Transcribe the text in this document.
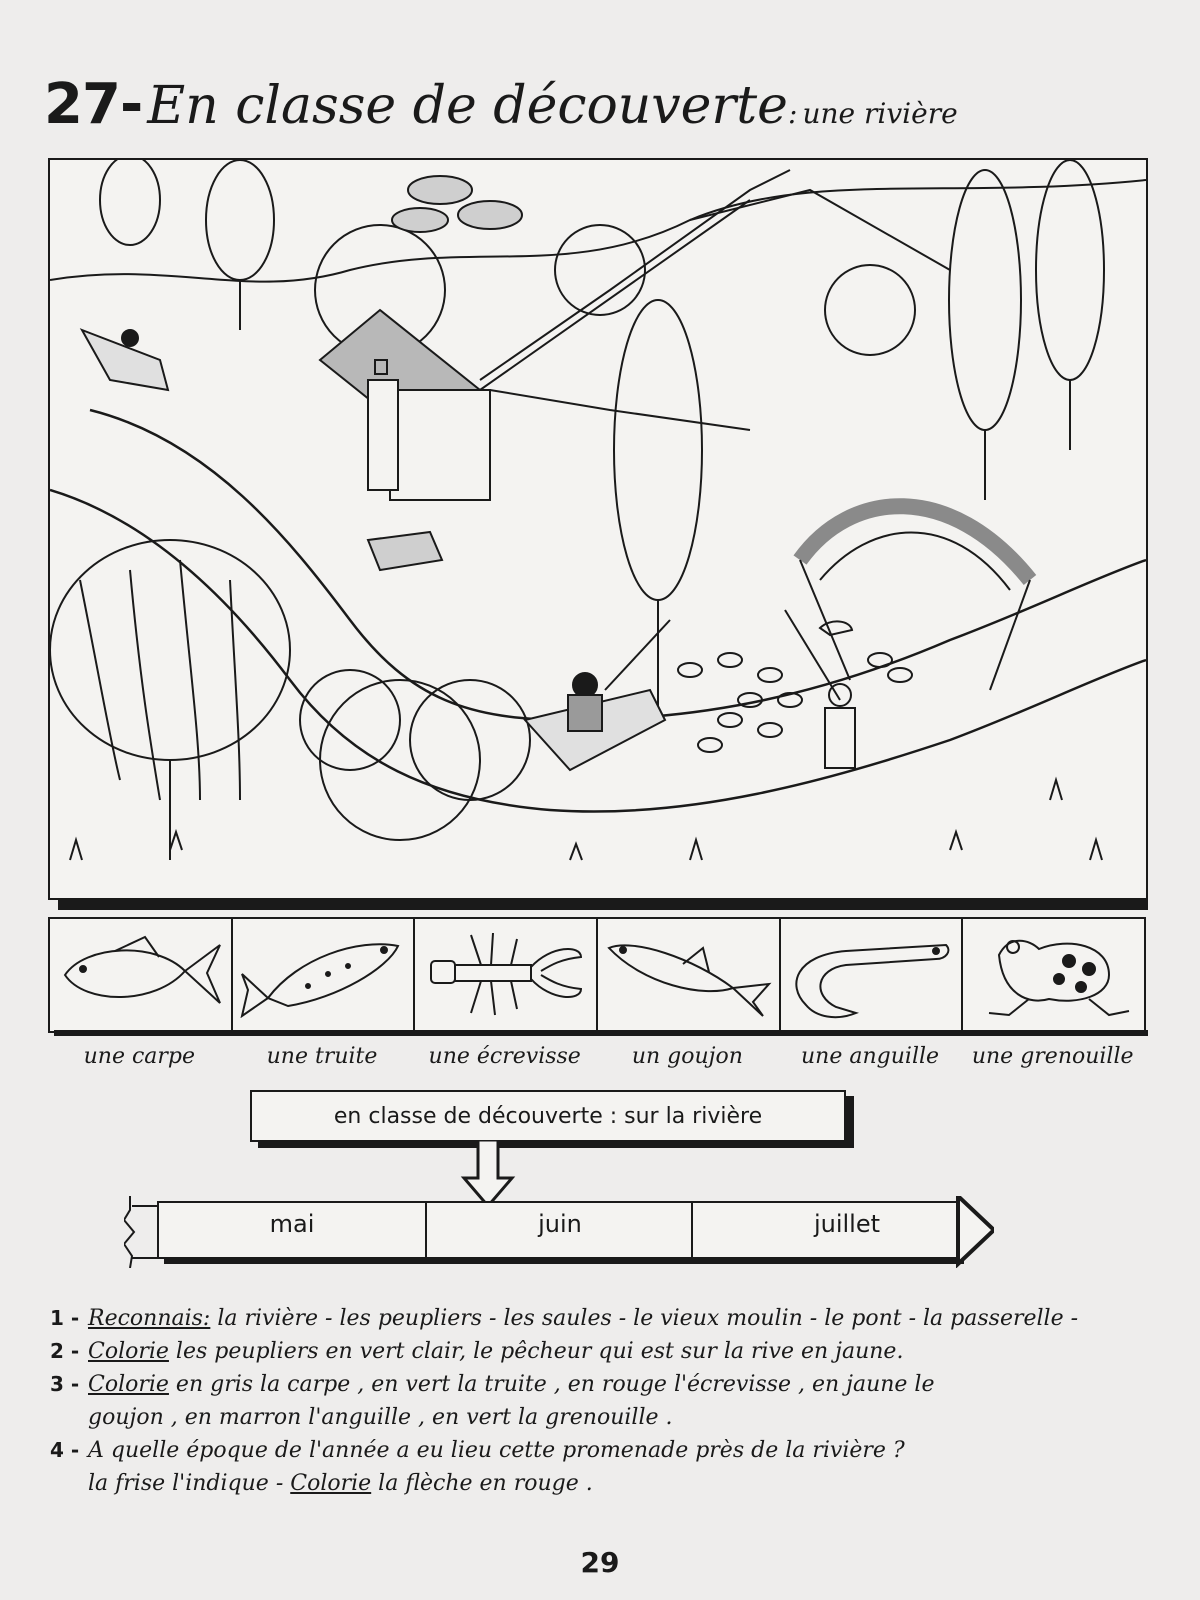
27- En classe de découverte: une rivière
une carpe	une truite	une écrevisse	un goujon	une anguille	une grenouille
en classe de découverte : sur la rivière
mai	juin	juillet
1 - Reconnais: la rivière - les peupliers - les saules - le vieux moulin - le pont - la passerelle -
2 - Colorie les peupliers en vert clair, le pêcheur qui est sur la rive en jaune.
3 - Colorie en gris la carpe , en vert la truite , en rouge l'écrevisse , en jaune le
goujon , en marron l'anguille , en vert la grenouille .
4 - A quelle époque de l'année a eu lieu cette promenade près de la rivière ?
la frise l'indique - Colorie la flèche en rouge .
29
